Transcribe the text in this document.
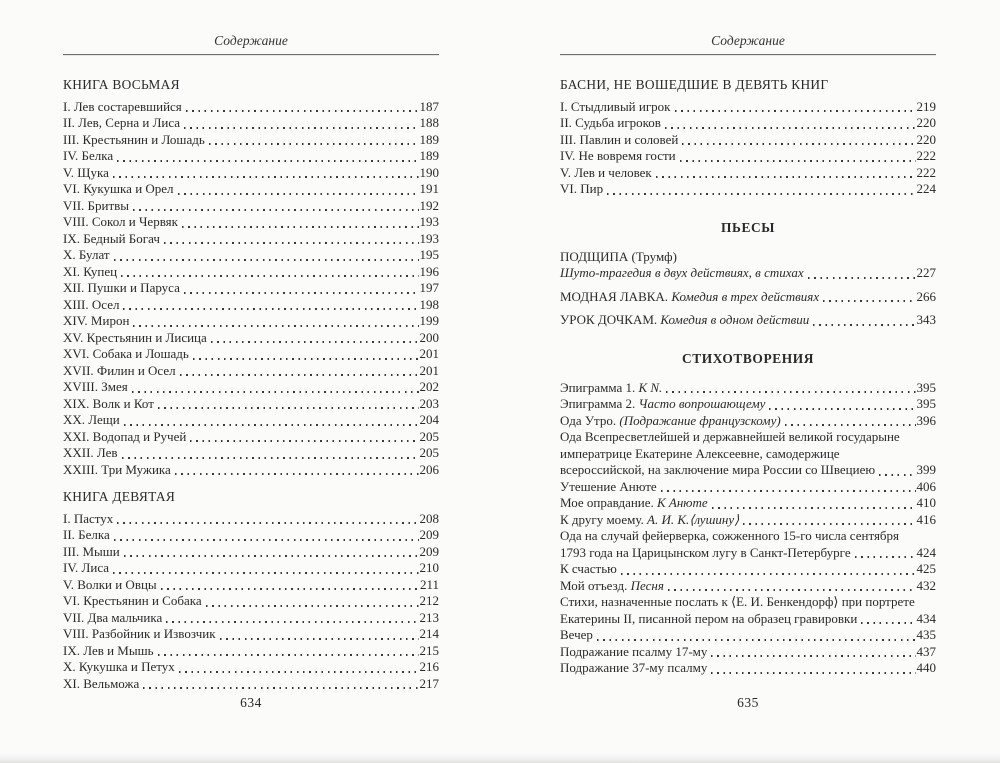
Содержание
КНИГА ВОСЬМАЯ
I. Лев состаревшийся	187
II. Лев, Серна и Лиса	188
III. Крестьянин и Лошадь	189
IV. Белка	189
V. Щука	190
VI. Кукушка и Орел	191
VII. Бритвы	192
VIII. Сокол и Червяк	193
IX. Бедный Богач	193
X. Булат	195
XI. Купец	196
XII. Пушки и Паруса	197
XIII. Осел	198
XIV. Мирон	199
XV. Крестьянин и Лисица	200
XVI. Собака и Лошадь	201
XVII. Филин и Осел	201
XVIII. Змея	202
XIX. Волк и Кот	203
XX. Лещи	204
XXI. Водопад и Ручей	205
XXII. Лев	205
XXIII. Три Мужика	206
КНИГА ДЕВЯТАЯ
I. Пастух	208
II. Белка	209
III. Мыши	209
IV. Лиса	210
V. Волки и Овцы	211
VI. Крестьянин и Собака	212
VII. Два мальчика	213
VIII. Разбойник и Извозчик	214
IX. Лев и Мышь	215
X. Кукушка и Петух	216
XI. Вельможа	217
634
Содержание
БАСНИ, НЕ ВОШЕДШИЕ В ДЕВЯТЬ КНИГ
I. Стыдливый игрок	219
II. Судьба игроков	220
III. Павлин и соловей	220
IV. Не вовремя гости	222
V. Лев и человек	222
VI. Пир	224
ПЬЕСЫ
ПОДЩИПА (Трумф)
Шуто-трагедия в двух действиях, в стихах	227
МОДНАЯ ЛАВКА. Комедия в трех действиях	266
УРОК ДОЧКАМ. Комедия в одном действии	343
СТИХОТВОРЕНИЯ
Эпиграмма 1. К N.	395
Эпиграмма 2. Часто вопрошающему	395
Ода Утро. (Подражание французскому)	396
Ода Всепресветлейшей и державнейшей великой государыне
императрице Екатерине Алексеевне, самодержице
всероссийской, на заключение мира России со Швециею	399
Утешение Анюте	406
Мое оправдание. К Анюте	410
К другу моему. А. И. К.⟨лушину⟩	416
Ода на случай фейерверка, сожженного 15-го числа сентября
1793 года на Царицынском лугу в Санкт-Петербурге	424
К счастью	425
Мой отъезд. Песня	432
Стихи, назначенные послать к ⟨Е. И. Бенкендорф⟩ при портрете
Екатерины II, писанной пером на образец гравировки	434
Вечер	435
Подражание псалму 17-му	437
Подражание 37-му псалму	440
635
